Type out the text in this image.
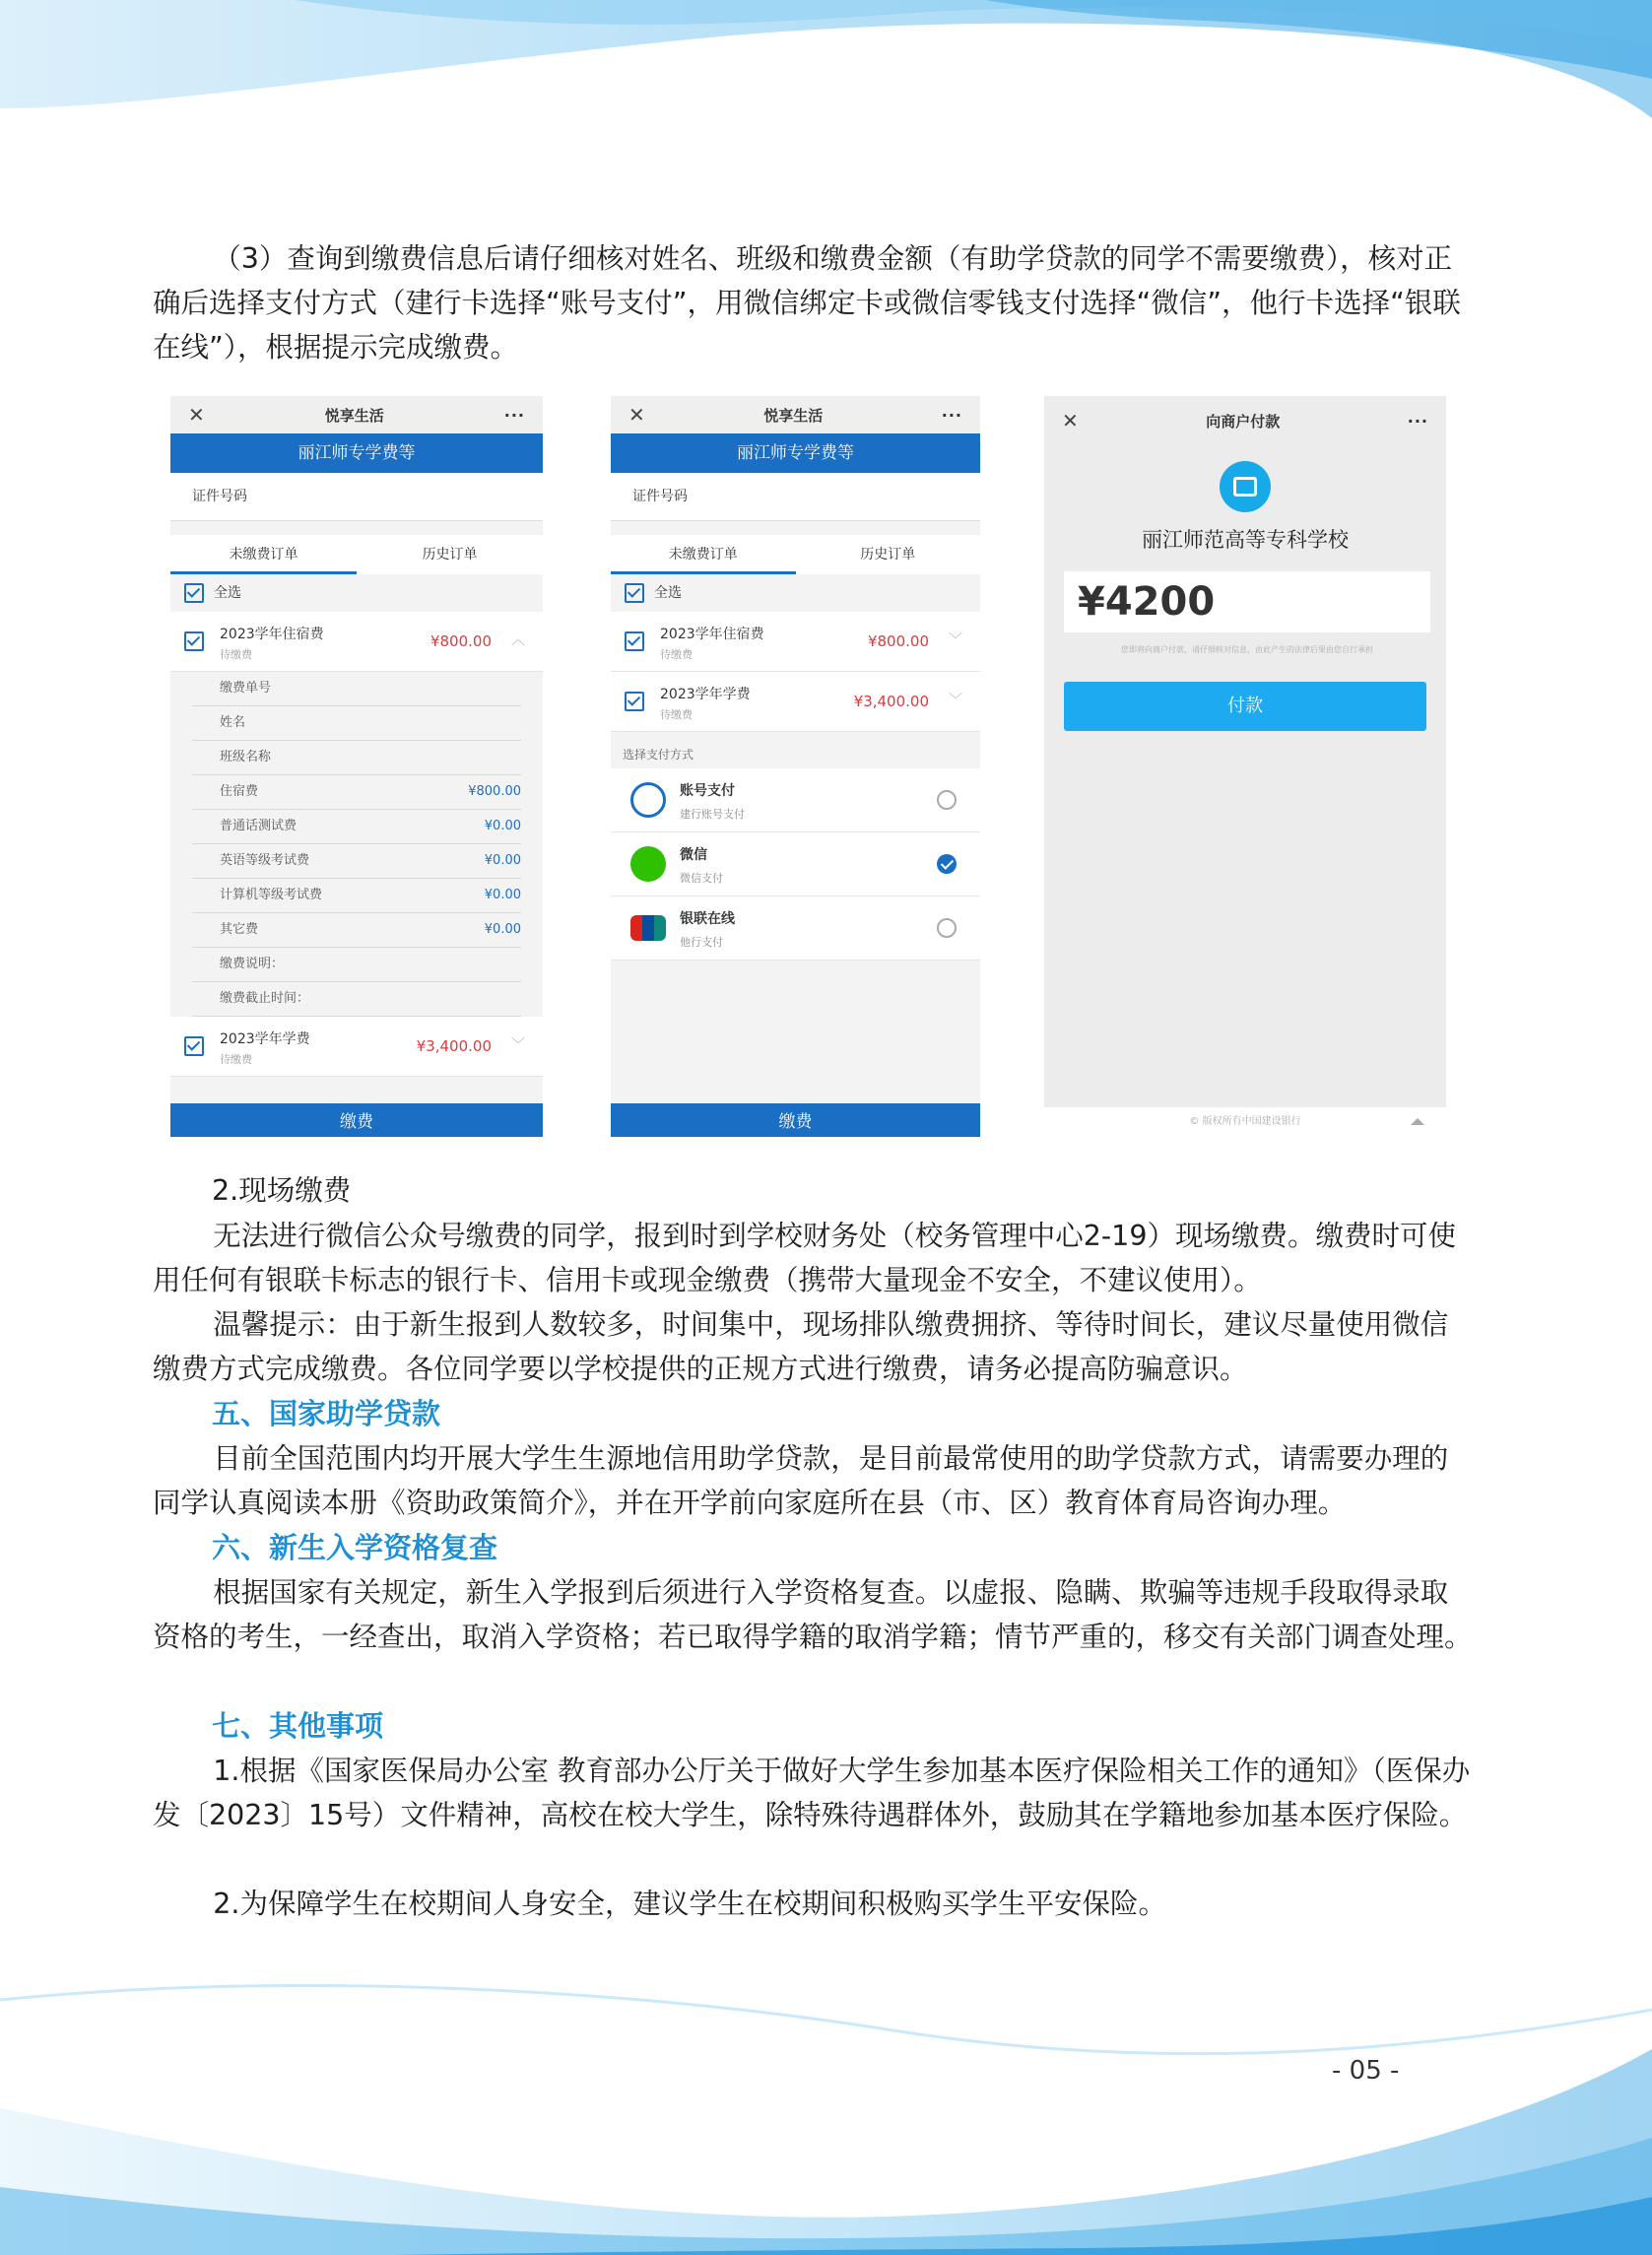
（3）查询到缴费信息后请仔细核对姓名、班级和缴费金额（有助学贷款的同学不需要缴费），核对正确后选择支付方式（建行卡选择“账号支付”，用微信绑定卡或微信零钱支付选择“微信”，他行卡选择“银联在线”），根据提示完成缴费。

✕	悦享生活	···
丽江师专学费等
证件号码
未缴费订单	历史订单
全选
2023学年住宿费
待缴费
¥800.00 ︿
缴费单号
姓名
班级名称
住宿费	¥800.00
普通话测试费	¥0.00
英语等级考试费	¥0.00
计算机等级考试费	¥0.00
其它费	¥0.00
缴费说明：
缴费截止时间：
2023学年学费
待缴费
¥3,400.00 ﹀
缴费
✕	悦享生活	···
丽江师专学费等
证件号码
未缴费订单	历史订单
全选
2023学年住宿费
待缴费
¥800.00 ﹀
2023学年学费
待缴费
¥3,400.00 ﹀
选择支付方式
账号支付
建行账号支付
微信
微信支付
银联在线
他行支付
缴费
✕	向商户付款	···
丽江师范高等专科学校
¥4200
您即将向商户付款，请仔细核对信息，由此产生的法律后果由您自行承担
付款
© 版权所有中国建设银行

2.现场缴费

无法进行微信公众号缴费的同学，报到时到学校财务处（校务管理中心2-19）现场缴费。缴费时可使用任何有银联卡标志的银行卡、信用卡或现金缴费（携带大量现金不安全，不建议使用）。

温馨提示：由于新生报到人数较多，时间集中，现场排队缴费拥挤、等待时间长，建议尽量使用微信缴费方式完成缴费。各位同学要以学校提供的正规方式进行缴费，请务必提高防骗意识。

五、国家助学贷款

目前全国范围内均开展大学生生源地信用助学贷款，是目前最常使用的助学贷款方式，请需要办理的同学认真阅读本册《资助政策简介》，并在开学前向家庭所在县（市、区）教育体育局咨询办理。

六、新生入学资格复查

根据国家有关规定，新生入学报到后须进行入学资格复查。以虚报、隐瞒、欺骗等违规手段取得录取资格的考生，一经查出，取消入学资格；若已取得学籍的取消学籍；情节严重的，移交有关部门调查处理。

七、其他事项

1.根据《国家医保局办公室 教育部办公厅关于做好大学生参加基本医疗保险相关工作的通知》（医保办发〔2023〕15号）文件精神，高校在校大学生，除特殊待遇群体外，鼓励其在学籍地参加基本医疗保险。

2.为保障学生在校期间人身安全，建议学生在校期间积极购买学生平安保险。

- 05 -
